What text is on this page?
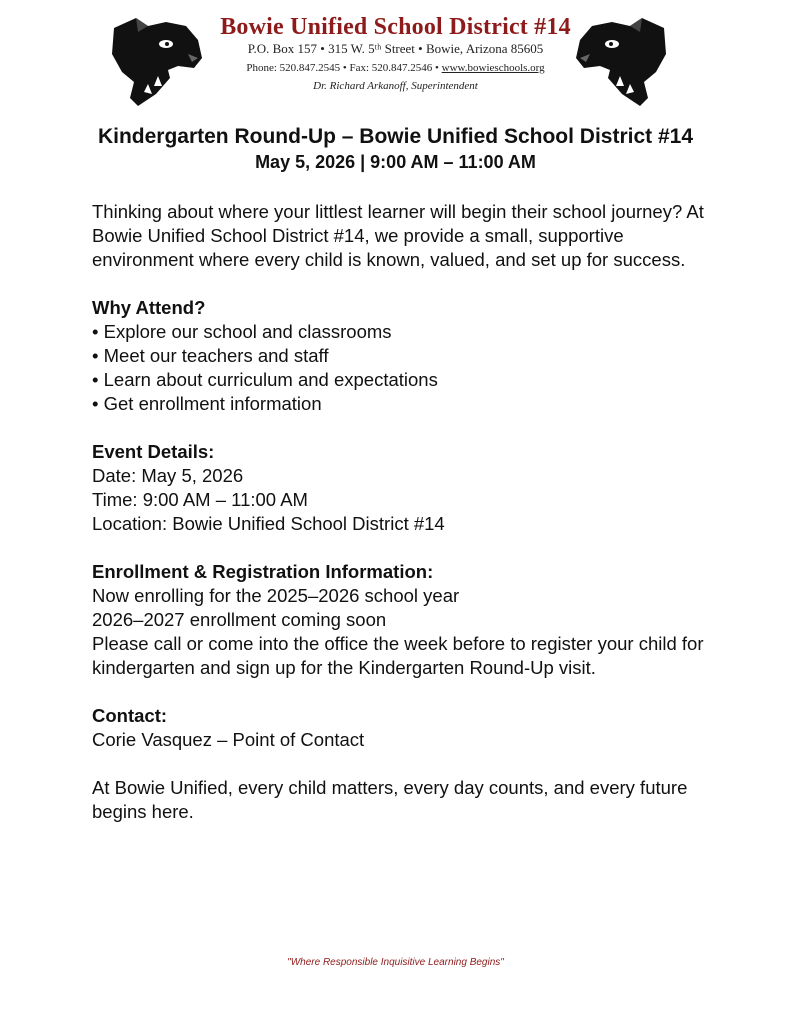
Bowie Unified School District #14
P.O. Box 157 • 315 W. 5ᵗʰ Street • Bowie, Arizona 85605
Phone: 520.847.2545 • Fax: 520.847.2546 • www.bowieschools.org
Dr. Richard Arkanoff, Superintendent
Kindergarten Round-Up – Bowie Unified School District #14
May 5, 2026 | 9:00 AM – 11:00 AM

Thinking about where your littlest learner will begin their school journey? At

Bowie Unified School District #14, we provide a small, supportive

environment where every child is known, valued, and set up for success.

Why Attend?

• Explore our school and classrooms

• Meet our teachers and staff

• Learn about curriculum and expectations

• Get enrollment information

Event Details:

Date: May 5, 2026

Time: 9:00 AM – 11:00 AM

Location: Bowie Unified School District #14

Enrollment & Registration Information:

Now enrolling for the 2025–2026 school year

2026–2027 enrollment coming soon

Please call or come into the office the week before to register your child for

kindergarten and sign up for the Kindergarten Round-Up visit.

Contact:

Corie Vasquez – Point of Contact

At Bowie Unified, every child matters, every day counts, and every future

begins here.

"Where Responsible Inquisitive Learning Begins"
